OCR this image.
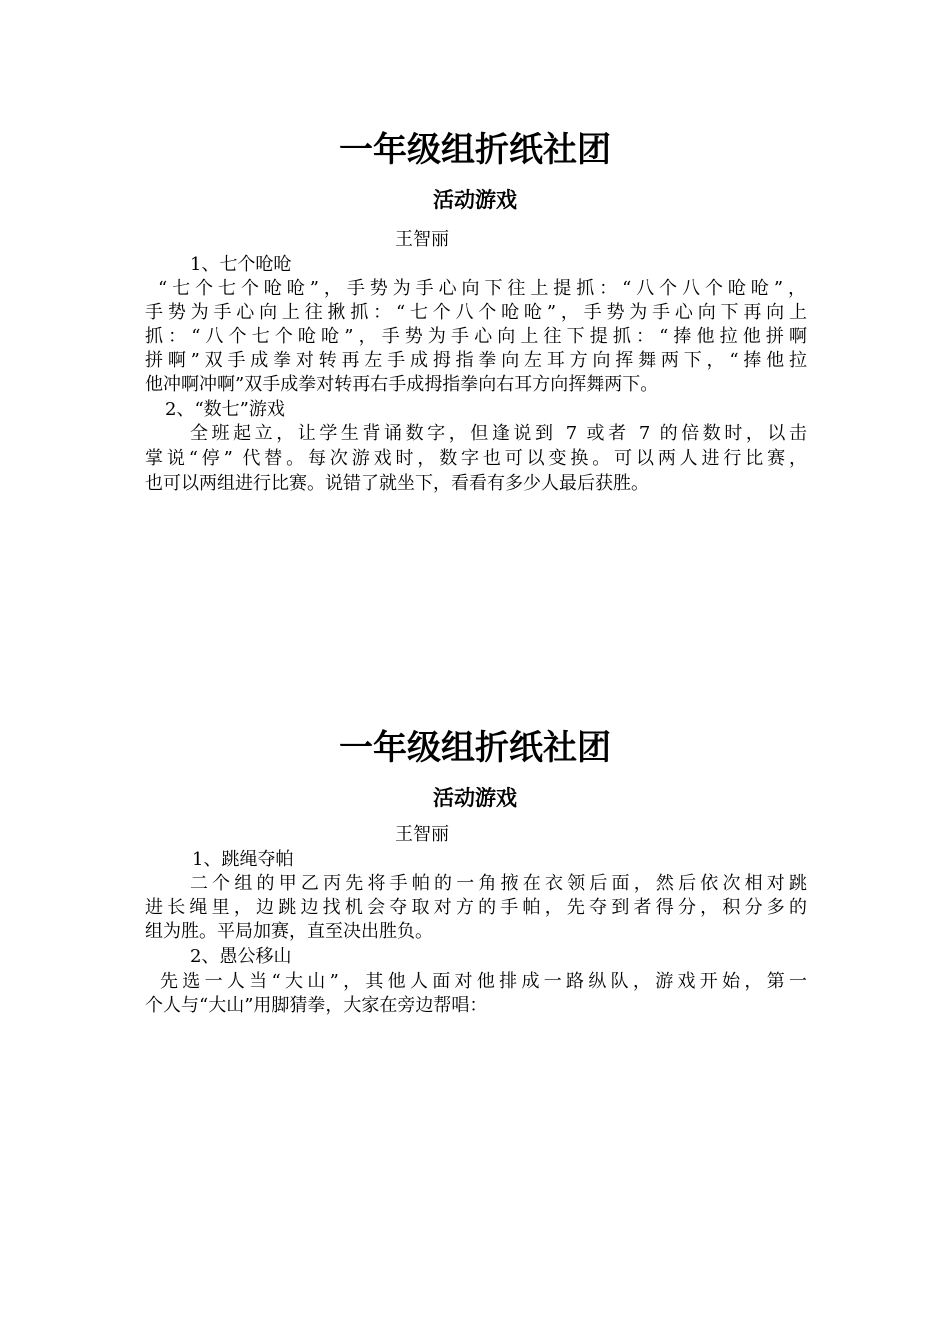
一年级组折纸社团
活动游戏

王智丽

1、七个呛呛

“七个七个呛呛”，手势为手心向下往上提抓：“八个八个呛呛”，

手势为手心向上往揪抓：“七个八个呛呛”，手势为手心向下再向上

抓：“八个七个呛呛”，手势为手心向上往下提抓：“捧他拉他拼啊

拼啊”双手成拳对转再左手成拇指拳向左耳方向挥舞两下，“捧他拉

他冲啊冲啊”双手成拳对转再右手成拇指拳向右耳方向挥舞两下。

2、“数七”游戏

全班起立，让学生背诵数字，但逢说到 7 或者 7 的倍数时，以击

掌说“停” 代替。每次游戏时，数字也可以变换。可以两人进行比赛，

也可以两组进行比赛。说错了就坐下，看看有多少人最后获胜。

一年级组折纸社团
活动游戏

王智丽

1、跳绳夺帕

二个组的甲乙丙先将手帕的一角掖在衣领后面，然后依次相对跳

进长绳里，边跳边找机会夺取对方的手帕，先夺到者得分，积分多的

组为胜。平局加赛，直至决出胜负。

2、愚公移山

先选一人当“大山”，其他人面对他排成一路纵队，游戏开始，第一

个人与“大山”用脚猜拳，大家在旁边帮唱：
